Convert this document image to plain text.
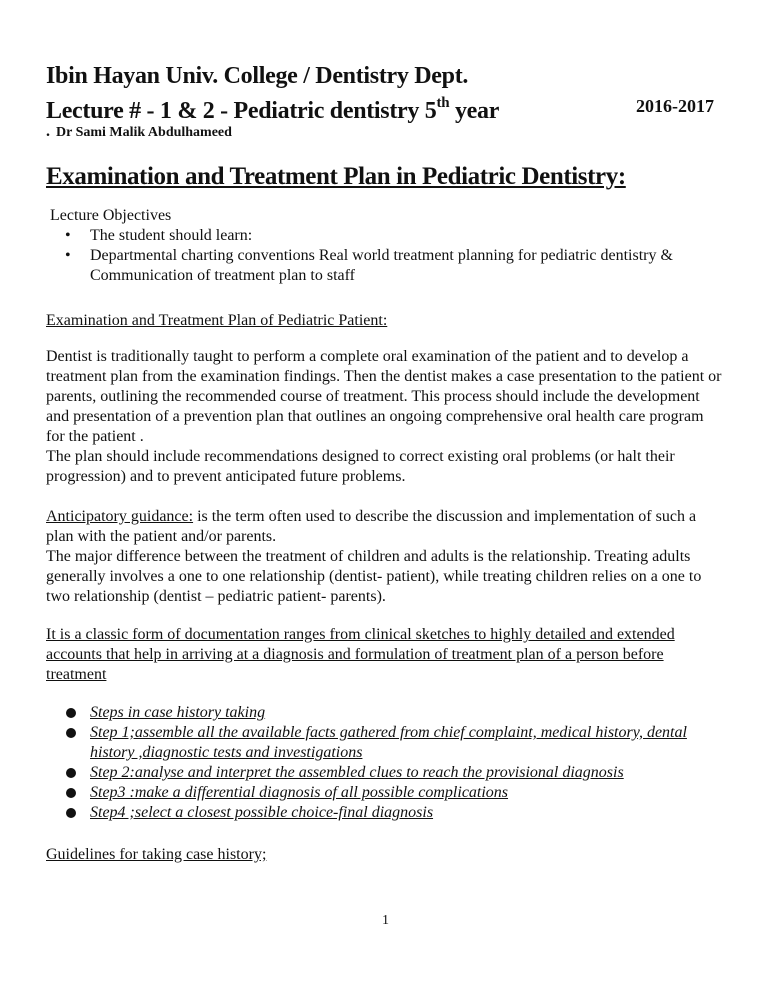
Ibin Hayan Univ. College / Dentistry Dept.
Lecture # - 1 & 2 - Pediatric dentistry 5th year	2016-2017
. Dr Sami Malik Abdulhameed
Examination and Treatment Plan in Pediatric Dentistry:
Lecture Objectives
• The student should learn:
• Departmental charting conventions Real world treatment planning for pediatric dentistry & Communication of treatment plan to staff
Examination and Treatment Plan of Pediatric Patient:
Dentist is traditionally taught to perform a complete oral examination of the patient and to develop a treatment plan from the examination findings. Then the dentist makes a case presentation to the patient or parents, outlining the recommended course of treatment. This process should include the development and presentation of a prevention plan that outlines an ongoing comprehensive oral health care program for the patient .
The plan should include recommendations designed to correct existing oral problems (or halt their progression) and to prevent anticipated future problems.
Anticipatory guidance: is the term often used to describe the discussion and implementation of such a plan with the patient and/or parents.
The major difference between the treatment of children and adults is the relationship. Treating adults generally involves a one to one relationship (dentist- patient), while treating children relies on a one to two relationship (dentist – pediatric patient- parents).
It is a classic form of documentation ranges from clinical sketches to highly detailed and extended accounts that help in arriving at a diagnosis and formulation of treatment plan of a person before treatment
Steps in case history taking
Step 1;assemble all the available facts gathered from chief complaint, medical history, dental history ,diagnostic tests and investigations
Step 2:analyse and interpret the assembled clues to reach the provisional diagnosis
Step3 :make a differential diagnosis of all possible complications
Step4 ;select a closest possible choice-final diagnosis
Guidelines for taking case history;
1
